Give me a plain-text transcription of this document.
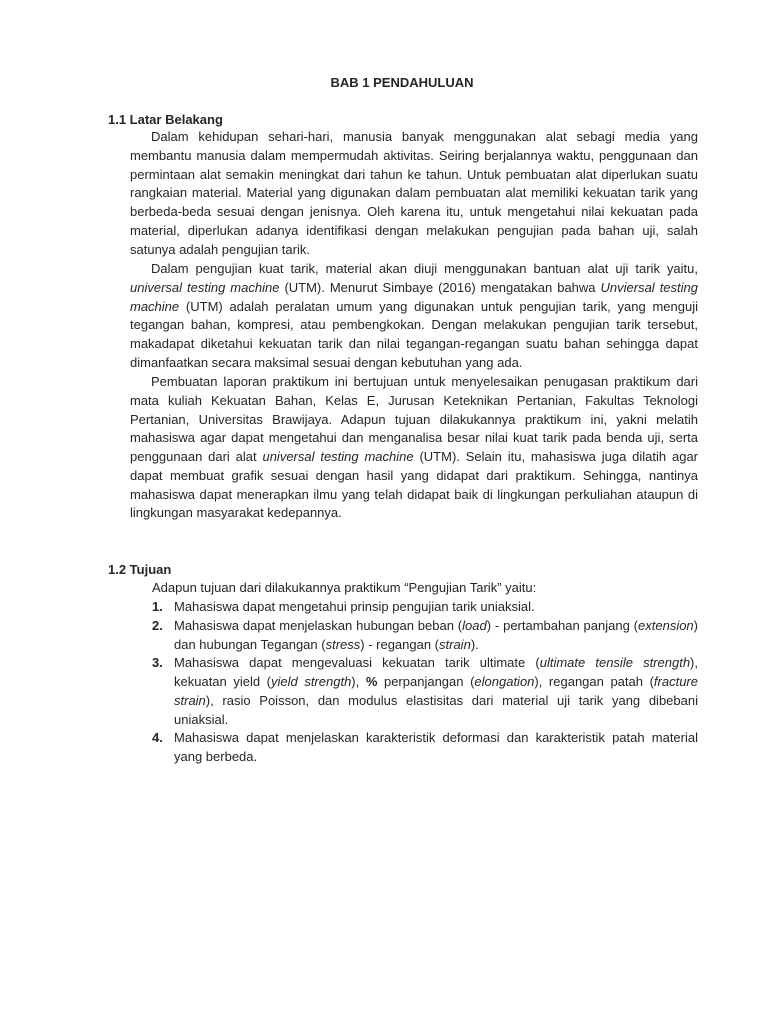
BAB 1 PENDAHULUAN
1.1 Latar Belakang

Dalam kehidupan sehari-hari, manusia banyak menggunakan alat sebagi media yang membantu manusia dalam mempermudah aktivitas. Seiring berjalannya waktu, penggunaan dan permintaan alat semakin meningkat dari tahun ke tahun. Untuk pembuatan alat diperlukan suatu rangkaian material. Material yang digunakan dalam pembuatan alat memiliki kekuatan tarik yang berbeda-beda sesuai dengan jenisnya. Oleh karena itu, untuk mengetahui nilai kekuatan pada material, diperlukan adanya identifikasi dengan melakukan pengujian pada bahan uji, salah satunya adalah pengujian tarik.

Dalam pengujian kuat tarik, material akan diuji menggunakan bantuan alat uji tarik yaitu, universal testing machine (UTM). Menurut Simbaye (2016) mengatakan bahwa Unviersal testing machine (UTM) adalah peralatan umum yang digunakan untuk pengujian tarik, yang menguji tegangan bahan, kompresi, atau pembengkokan. Dengan melakukan pengujian tarik tersebut, makadapat diketahui kekuatan tarik dan nilai tegangan-regangan suatu bahan sehingga dapat dimanfaatkan secara maksimal sesuai dengan kebutuhan yang ada.

Pembuatan laporan praktikum ini bertujuan untuk menyelesaikan penugasan praktikum dari mata kuliah Kekuatan Bahan, Kelas E, Jurusan Keteknikan Pertanian, Fakultas Teknologi Pertanian, Universitas Brawijaya. Adapun tujuan dilakukannya praktikum ini, yakni melatih mahasiswa agar dapat mengetahui dan menganalisa besar nilai kuat tarik pada benda uji, serta penggunaan dari alat universal testing machine (UTM). Selain itu, mahasiswa juga dilatih agar dapat membuat grafik sesuai dengan hasil yang didapat dari praktikum. Sehingga, nantinya mahasiswa dapat menerapkan ilmu yang telah didapat baik di lingkungan perkuliahan ataupun di lingkungan masyarakat kedepannya.

1.2 Tujuan
Adapun tujuan dari dilakukannya praktikum “Pengujian Tarik” yaitu:
1. Mahasiswa dapat mengetahui prinsip pengujian tarik uniaksial.
2. Mahasiswa dapat menjelaskan hubungan beban (load) - pertambahan panjang (extension) dan hubungan Tegangan (stress) - regangan (strain).
3. Mahasiswa dapat mengevaluasi kekuatan tarik ultimate (ultimate tensile strength), kekuatan yield (yield strength), % perpanjangan (elongation), regangan patah (fracture strain), rasio Poisson, dan modulus elastisitas dari material uji tarik yang dibebani uniaksial.
4. Mahasiswa dapat menjelaskan karakteristik deformasi dan karakteristik patah material yang berbeda.
